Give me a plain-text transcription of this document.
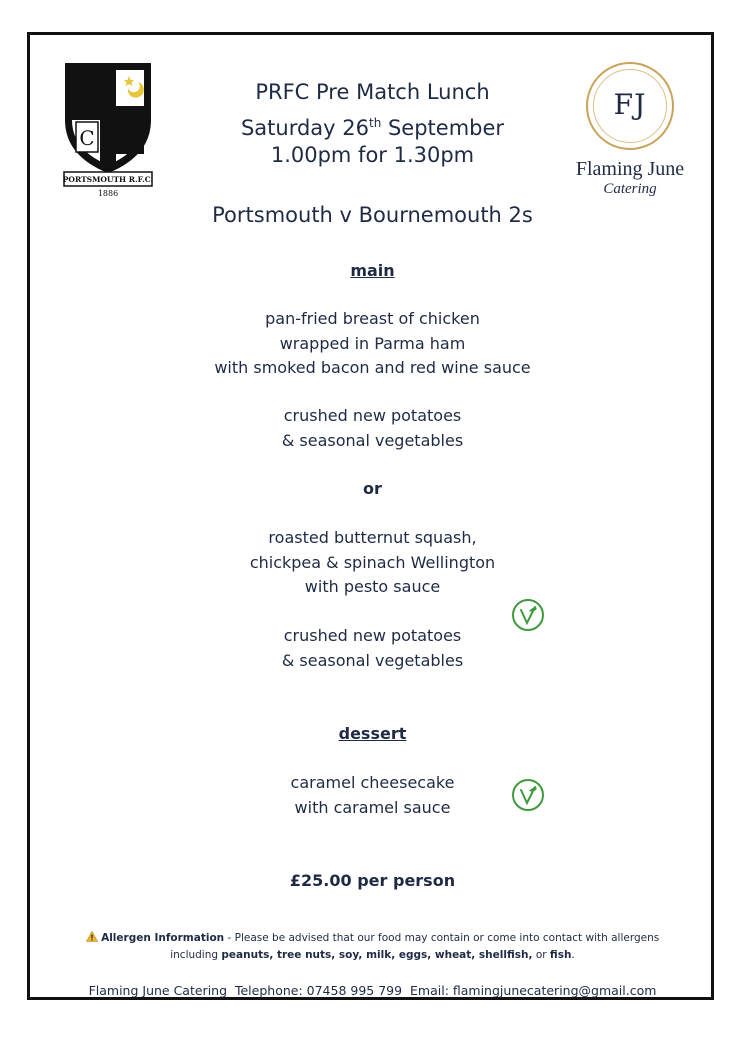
C
PORTSMOUTH R.F.C.
1886
PRFC Pre Match Lunch
Saturday 26th September
1.00pm for 1.30pm
FJ
Flaming June
Catering
Portsmouth v Bournemouth 2s
main
pan-fried breast of chicken
wrapped in Parma ham
with smoked bacon and red wine sauce
crushed new potatoes
& seasonal vegetables
or
roasted butternut squash,
chickpea & spinach Wellington
with pesto sauce
crushed new potatoes
& seasonal vegetables
dessert
caramel cheesecake
with caramel sauce
£25.00 per person
Allergen Information - Please be advised that our food may contain or come into contact with allergens
including peanuts, tree nuts, soy, milk, eggs, wheat, shellfish, or fish.
Flaming June Catering  Telephone: 07458 995 799  Email: flamingjunecatering@gmail.com
